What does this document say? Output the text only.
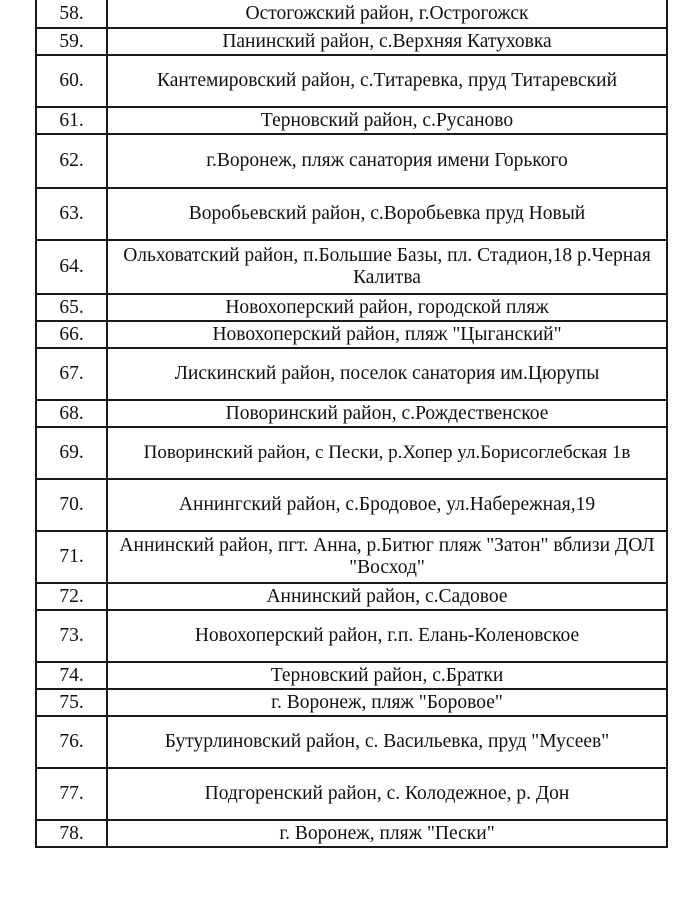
58.	Остогожский район, г.Острогожск
59.	Панинский район, с.Верхняя Катуховка
60.	Кантемировский район, с.Титаревка, пруд Титаревский
61.	Терновский район, с.Русаново
62.	г.Воронеж, пляж санатория имени Горького
63.	Воробьевский район, с.Воробьевка пруд Новый
64.	Ольховатский район, п.Большие Базы, пл. Стадион,18 р.Черная Калитва
65.	Новохоперский район, городской пляж
66.	Новохоперский район, пляж "Цыганский"
67.	Лискинский район, поселок санатория им.Цюрупы
68.	Поворинский район, с.Рождественское
69.	Поворинский район, с Пески, р.Хопер ул.Борисоглебская 1в
70.	Аннингский район, с.Бродовое, ул.Набережная,19
71.	Аннинский район, пгт. Анна, р.Битюг пляж "Затон" вблизи ДОЛ "Восход"
72.	Аннинский район, с.Садовое
73.	Новохоперский район, г.п. Елань-Коленовское
74.	Терновский район, с.Братки
75.	г. Воронеж, пляж "Боровое"
76.	Бутурлиновский район, с. Васильевка, пруд "Мусеев"
77.	Подгоренский район, с. Колодежное, р. Дон
78.	г. Воронеж, пляж "Пески"
